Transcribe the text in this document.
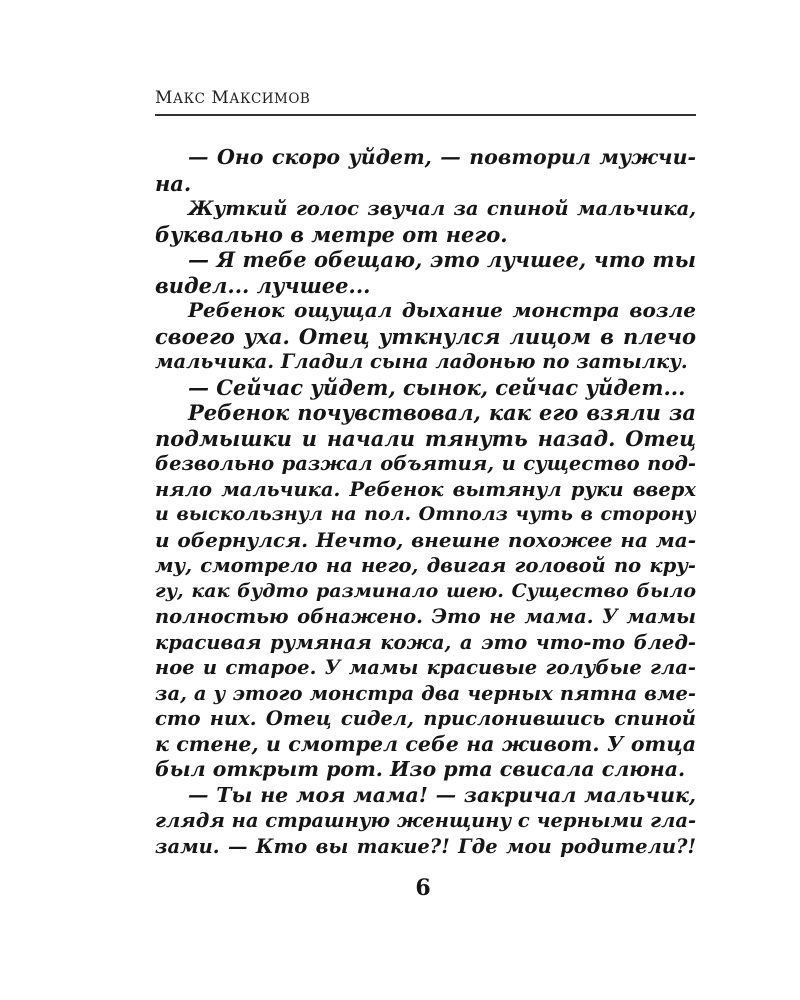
МАКС МАКСИМОВ
— Оно скоро уйдет, — повторил мужчи-
на.
Жуткий голос звучал за спиной мальчика,
буквально в метре от него.
— Я тебе обещаю, это лучшее, что ты
видел... лучшее...
Ребенок ощущал дыхание монстра возле
своего уха. Отец уткнулся лицом в плечо
мальчика. Гладил сына ладонью по затылку.
— Сейчас уйдет, сынок, сейчас уйдет...
Ребенок почувствовал, как его взяли за
подмышки и начали тянуть назад. Отец
безвольно разжал объятия, и существо под-
няло мальчика. Ребенок вытянул руки вверх
и выскользнул на пол. Отполз чуть в сторону
и обернулся. Нечто, внешне похожее на ма-
му, смотрело на него, двигая головой по кру-
гу, как будто разминало шею. Существо было
полностью обнажено. Это не мама. У мамы
красивая румяная кожа, а это что-то блед-
ное и старое. У мамы красивые голубые гла-
за, а у этого монстра два черных пятна вме-
сто них. Отец сидел, прислонившись спиной
к стене, и смотрел себе на живот. У отца
был открыт рот. Изо рта свисала слюна.
— Ты не моя мама! — закричал мальчик,
глядя на страшную женщину с черными гла-
зами. — Кто вы такие?! Где мои родители?!
6
